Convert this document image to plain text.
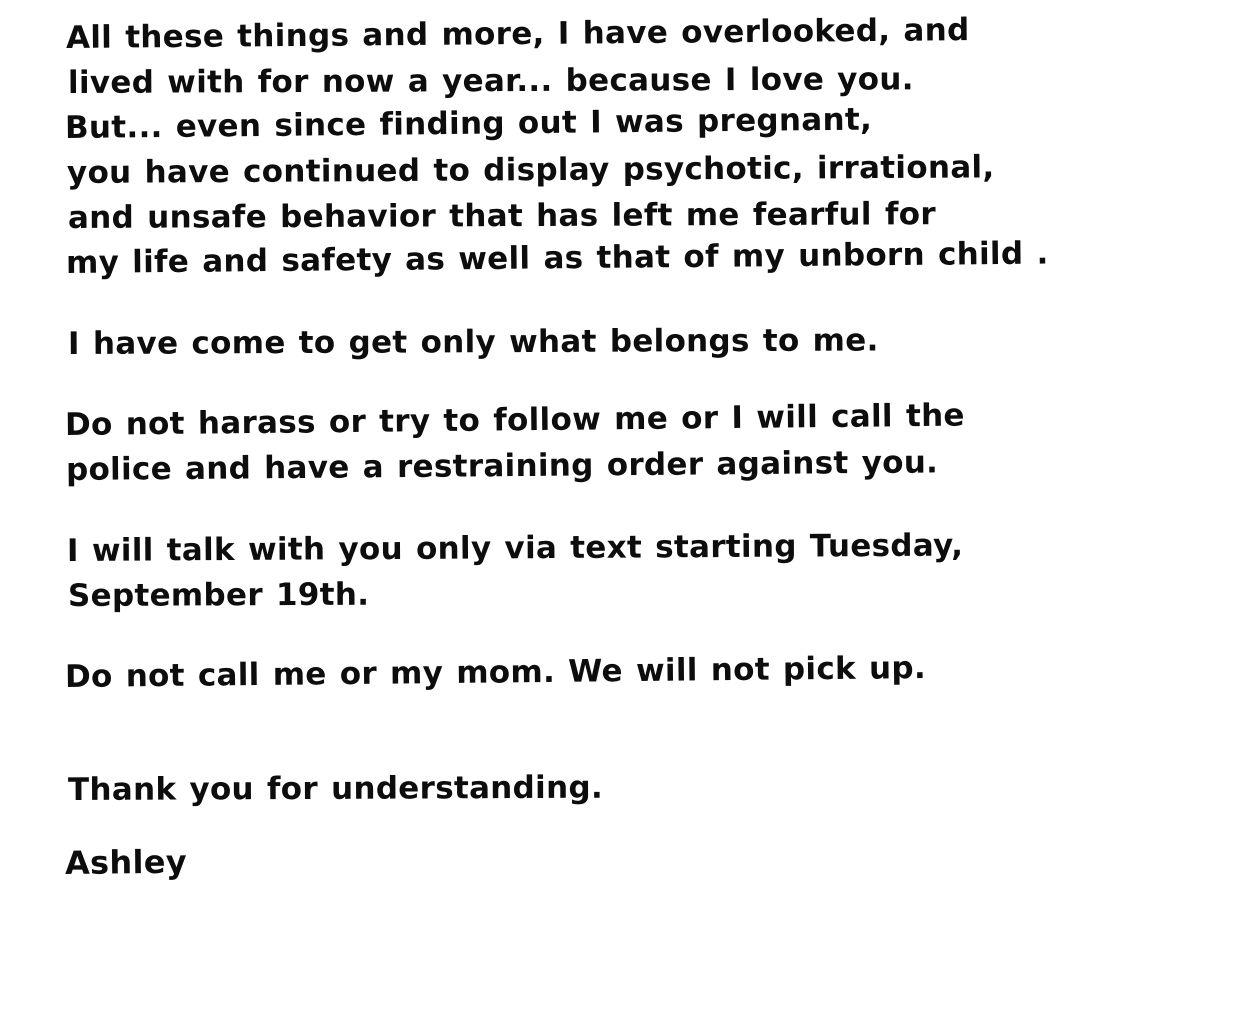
All these things and more, I have overlooked, and
lived with for now a year... because I love you.
But... even since finding out I was pregnant,
you have continued to display psychotic, irrational,
and unsafe behavior that has left me fearful for
my life and safety as well as that of my unborn child .
I have come to get only what belongs to me.
Do not harass or try to follow me or I will call the
police and have a restraining order against you.
I will talk with you only via text starting Tuesday,
September 19th.
Do not call me or my mom. We will not pick up.
Thank you for understanding.
Ashley
